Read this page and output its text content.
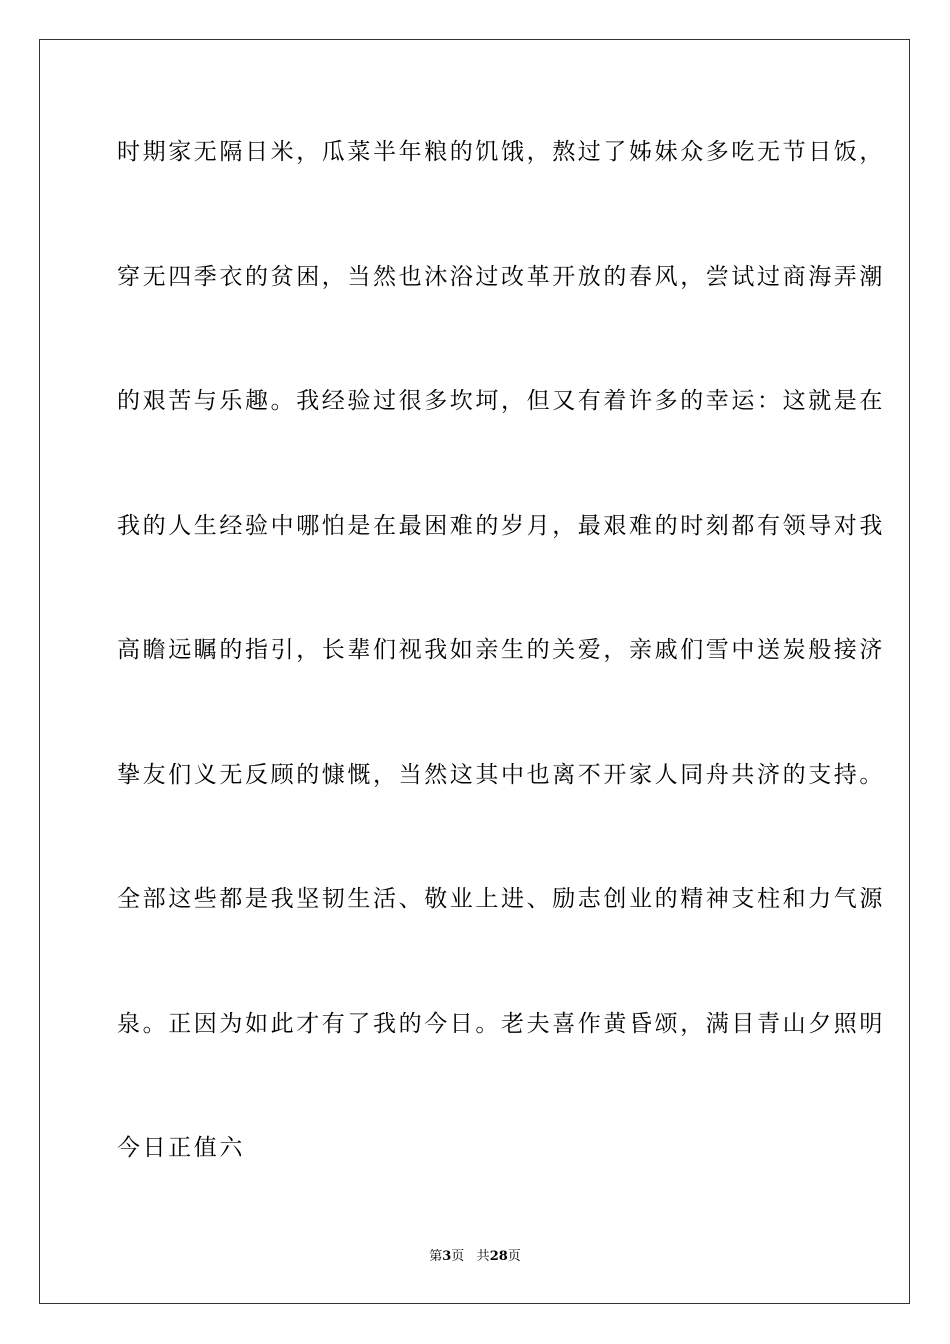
时期家无隔日米，瓜菜半年粮的饥饿，熬过了姊妹众多吃无节日饭，
穿无四季衣的贫困，当然也沐浴过改革开放的春风，尝试过商海弄潮
的艰苦与乐趣。我经验过很多坎坷，但又有着许多的幸运：这就是在
我的人生经验中哪怕是在最困难的岁月，最艰难的时刻都有领导对我
高瞻远瞩的指引，长辈们视我如亲生的关爱，亲戚们雪中送炭般接济
挚友们义无反顾的慷慨，当然这其中也离不开家人同舟共济的支持。
全部这些都是我坚韧生活、敬业上进、励志创业的精神支柱和力气源
泉。正因为如此才有了我的今日。老夫喜作黄昏颂，满目青山夕照明
今日正值六
第3页 共28页
